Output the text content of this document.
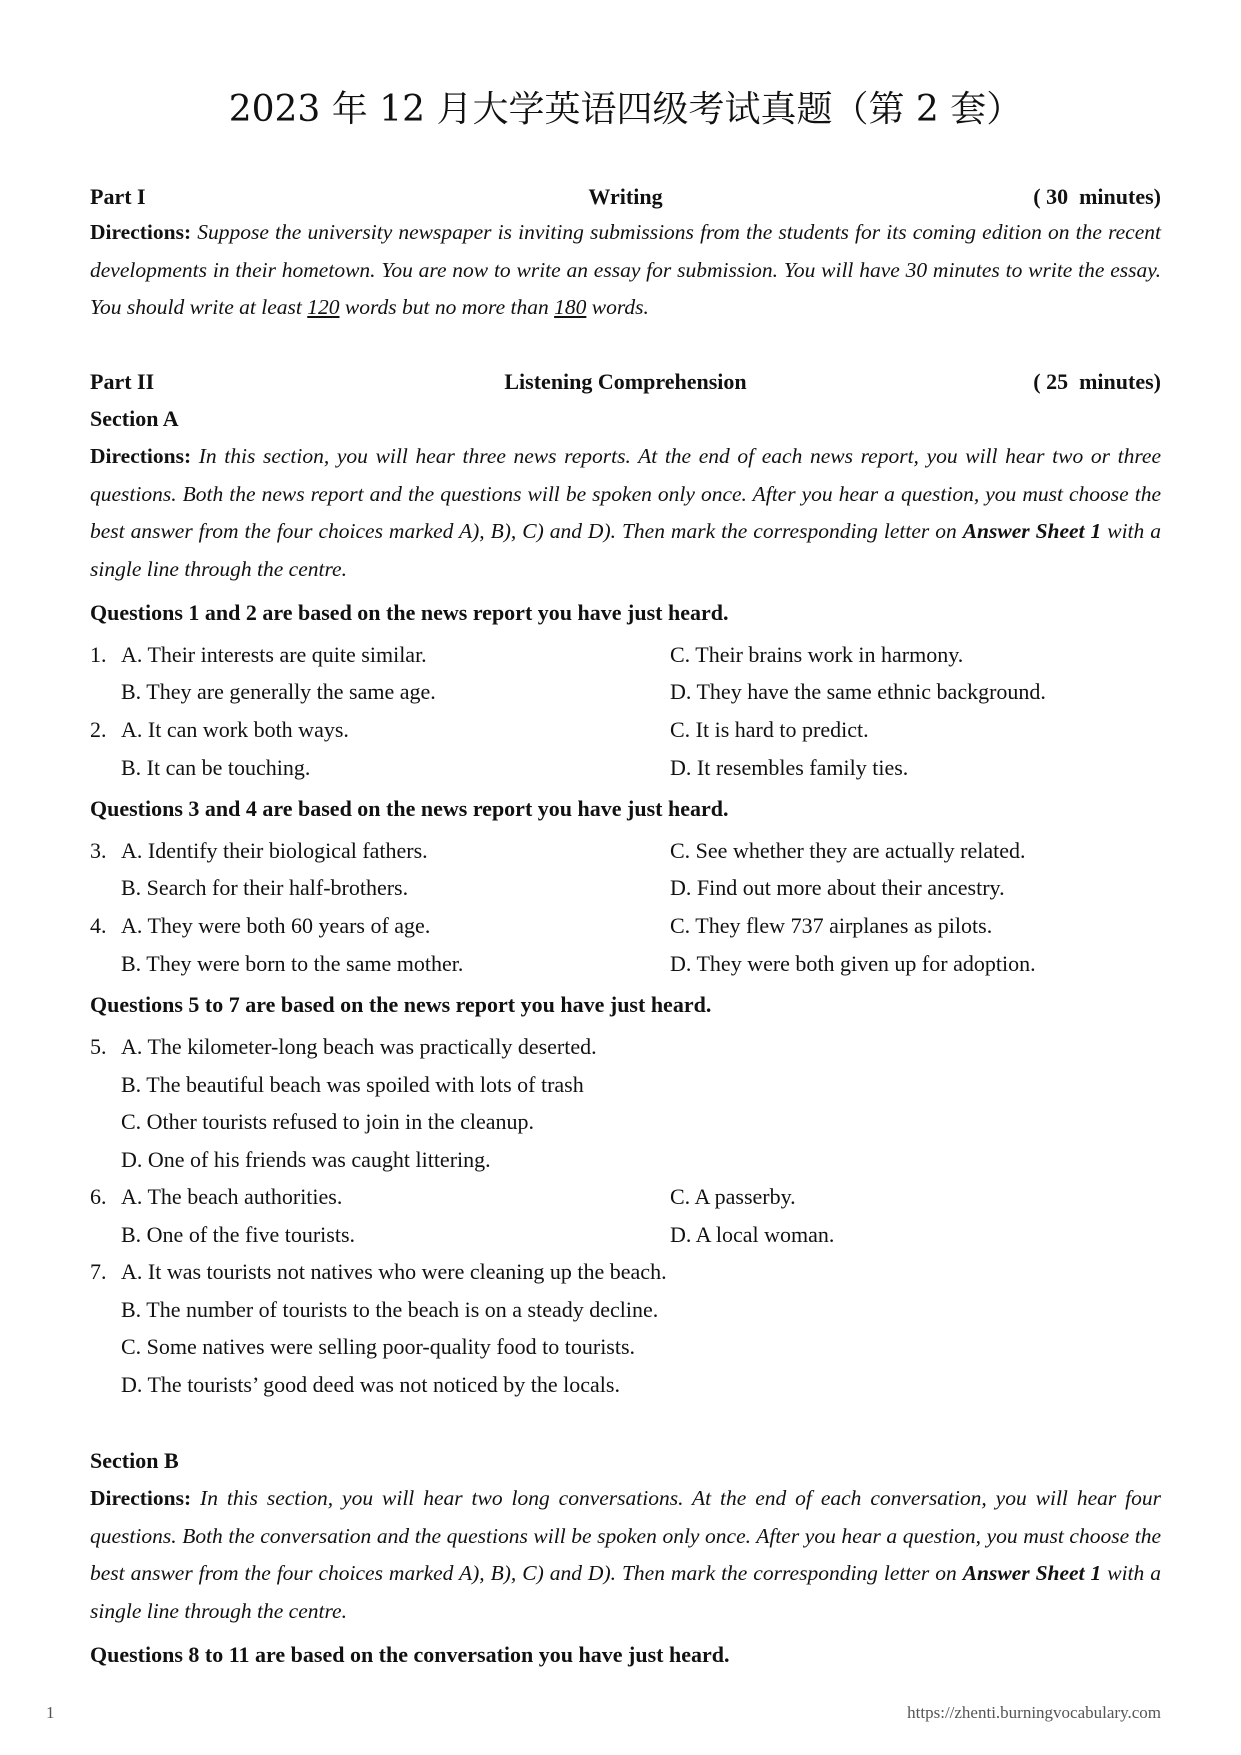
2023 年 12 月大学英语四级考试真题（第 2 套）
Part I	Writing	( 30  minutes)
Directions: Suppose the university newspaper is inviting submissions from the students for its coming edition on the recent developments in their hometown. You are now to write an essay for submission. You will have 30 minutes to write the essay. You should write at least 120 words but no more than 180 words.
Part II	Listening Comprehension	( 25  minutes)
Section A
Directions: In this section, you will hear three news reports. At the end of each news report, you will hear two or three questions. Both the news report and the questions will be spoken only once. After you hear a question, you must choose the best answer from the four choices marked A), B), C) and D). Then mark the corresponding letter on Answer Sheet 1 with a single line through the centre.
Questions 1 and 2 are based on the news report you have just heard.
1. A. Their interests are quite similar.	C. Their brains work in harmony.
B. They are generally the same age.	D. They have the same ethnic background.
2. A. It can work both ways.	C. It is hard to predict.
B. It can be touching.	D. It resembles family ties.
Questions 3 and 4 are based on the news report you have just heard.
3. A. Identify their biological fathers.	C. See whether they are actually related.
B. Search for their half-brothers.	D. Find out more about their ancestry.
4. A. They were both 60 years of age.	C. They flew 737 airplanes as pilots.
B. They were born to the same mother.	D. They were both given up for adoption.
Questions 5 to 7 are based on the news report you have just heard.
5. A. The kilometer-long beach was practically deserted.
B. The beautiful beach was spoiled with lots of trash
C. Other tourists refused to join in the cleanup.
D. One of his friends was caught littering.
6. A. The beach authorities.	C. A passerby.
B. One of the five tourists.	D. A local woman.
7. A. It was tourists not natives who were cleaning up the beach.
B. The number of tourists to the beach is on a steady decline.
C. Some natives were selling poor-quality food to tourists.
D. The tourists’ good deed was not noticed by the locals.
Section B
Directions: In this section, you will hear two long conversations. At the end of each conversation, you will hear four questions. Both the conversation and the questions will be spoken only once. After you hear a question, you must choose the best answer from the four choices marked A), B), C) and D). Then mark the corresponding letter on Answer Sheet 1 with a single line through the centre.
Questions 8 to 11 are based on the conversation you have just heard.
1	https://zhenti.burningvocabulary.com
